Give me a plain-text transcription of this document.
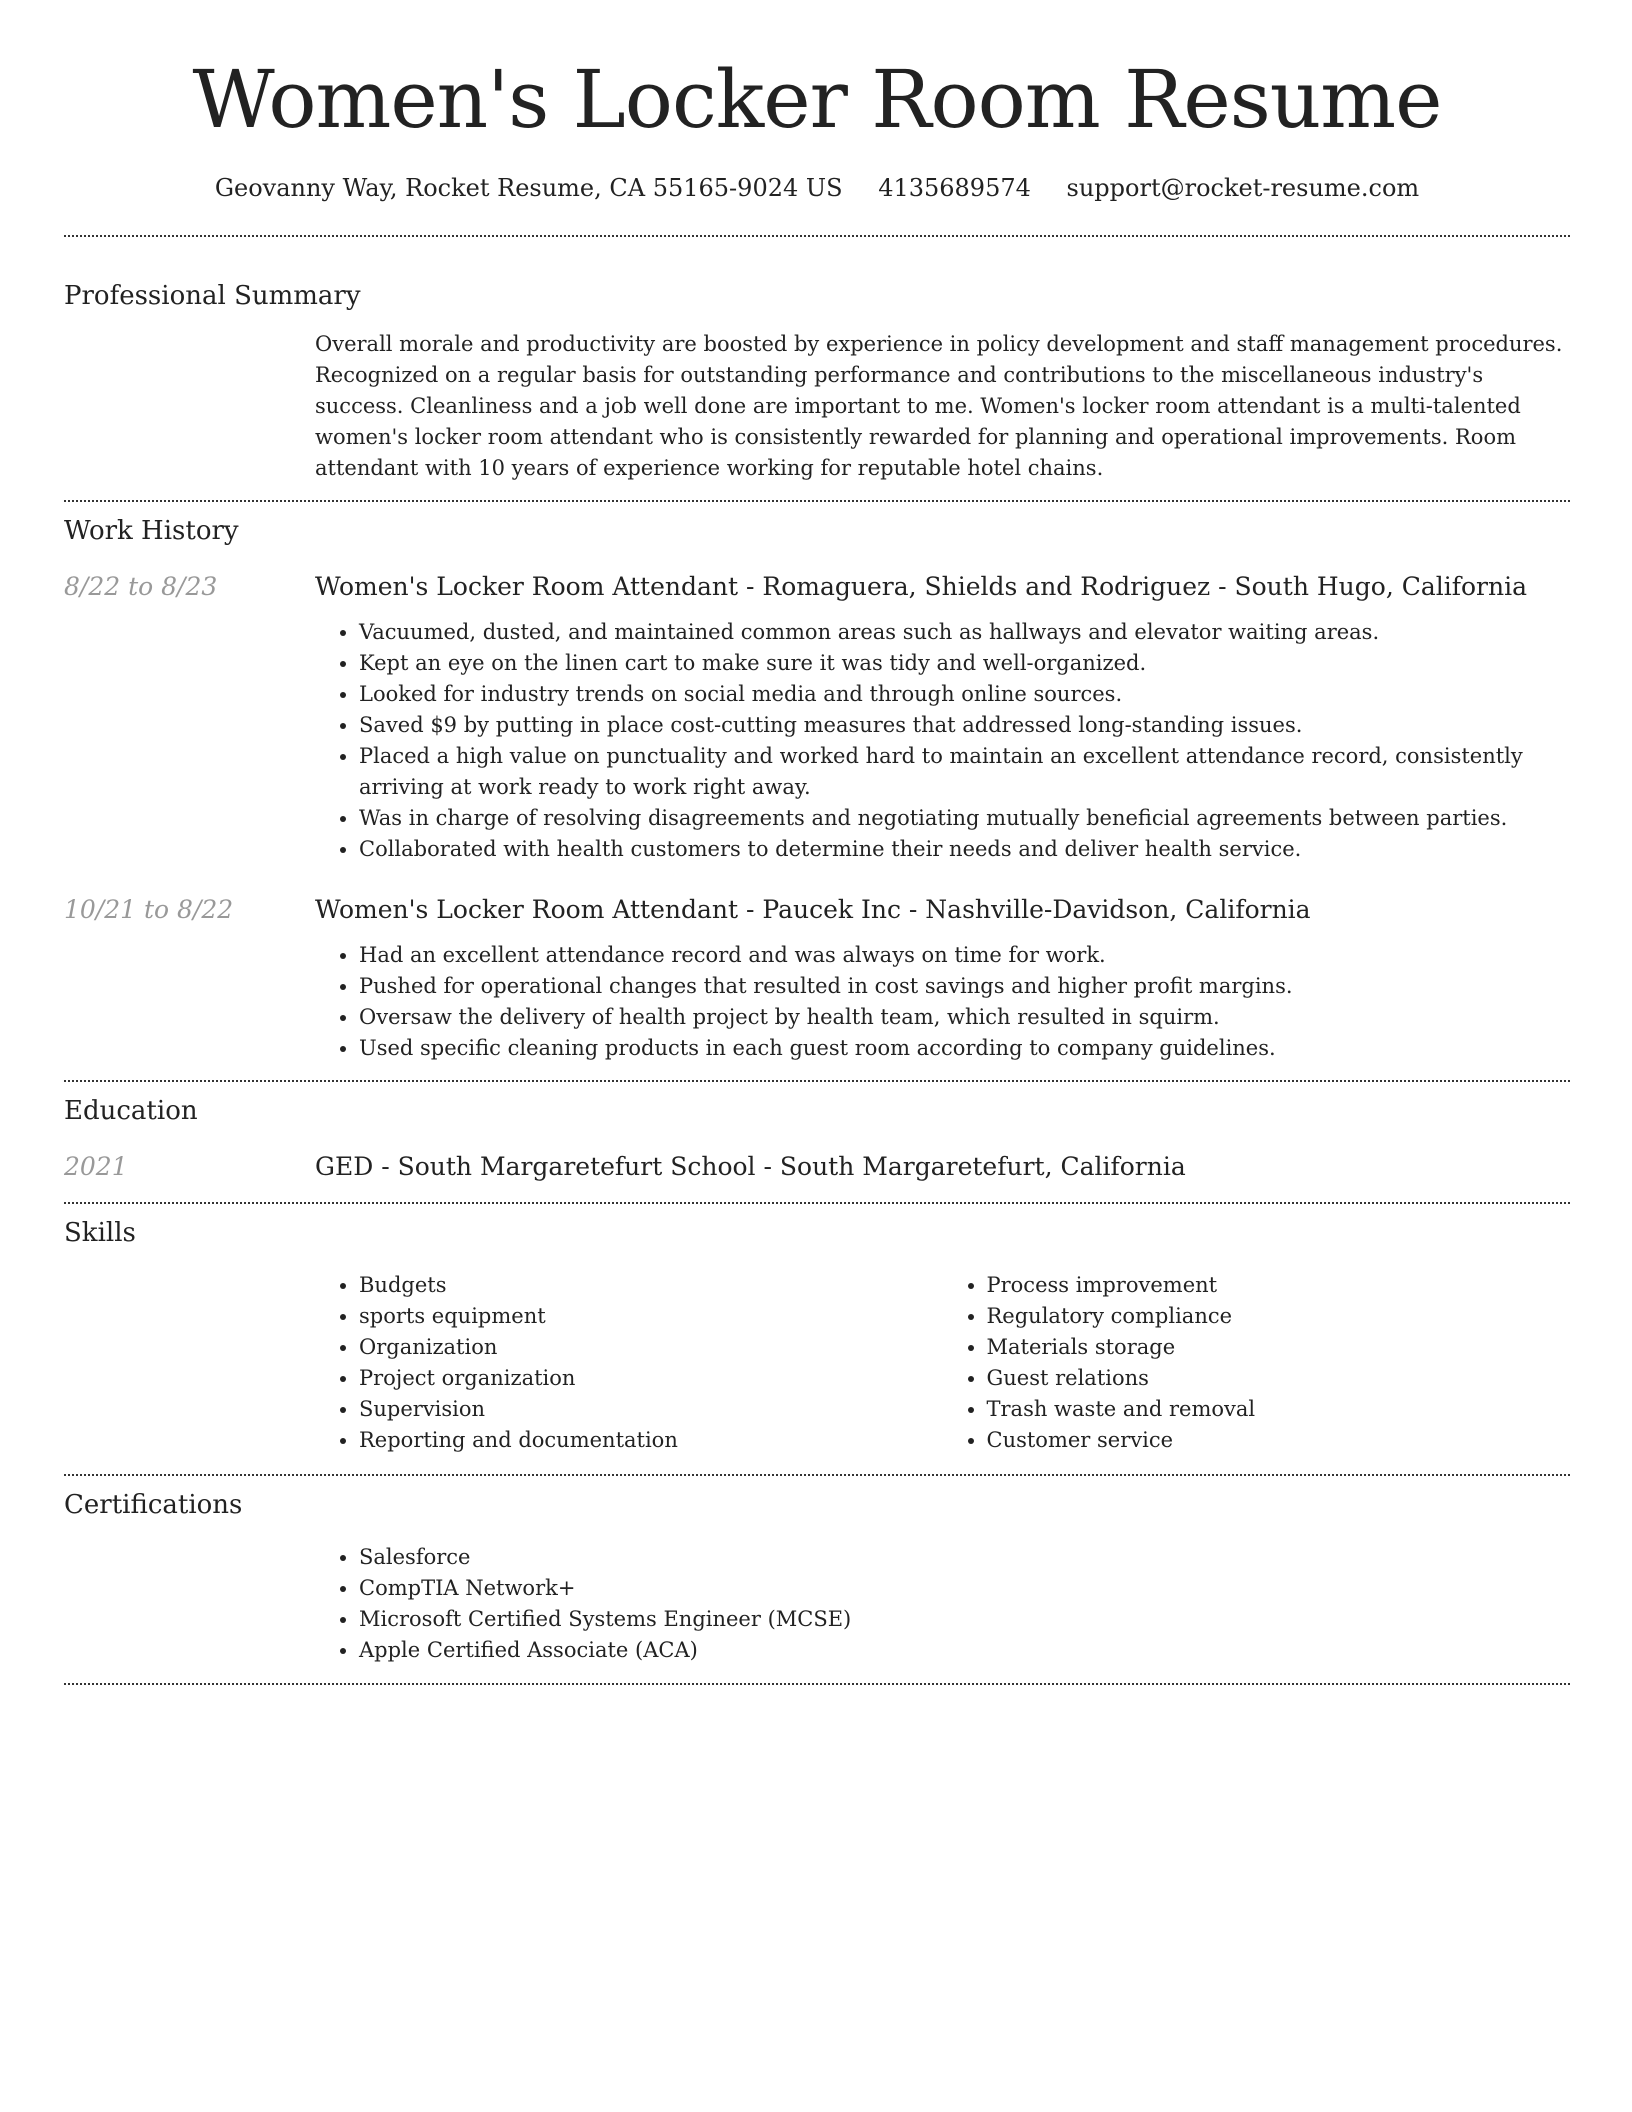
Women's Locker Room Resume
Geovanny Way, Rocket Resume, CA 55165-9024 US 4135689574 support@rocket-resume.com
Professional Summary

Overall morale and productivity are boosted by experience in policy development and staff management procedures. Recognized on a regular basis for outstanding performance and contributions to the miscellaneous industry's success. Cleanliness and a job well done are important to me. Women's locker room attendant is a multi-talented women's locker room attendant who is consistently rewarded for planning and operational improvements. Room attendant with 10 years of experience working for reputable hotel chains.

Work History
8/22 to 8/23	Women's Locker Room Attendant - Romaguera, Shields and Rodriguez - South Hugo, California
• Vacuumed, dusted, and maintained common areas such as hallways and elevator waiting areas.
• Kept an eye on the linen cart to make sure it was tidy and well-organized.
• Looked for industry trends on social media and through online sources.
• Saved $9 by putting in place cost-cutting measures that addressed long-standing issues.
• Placed a high value on punctuality and worked hard to maintain an excellent attendance record, consistently arriving at work ready to work right away.
• Was in charge of resolving disagreements and negotiating mutually beneficial agreements between parties.
• Collaborated with health customers to determine their needs and deliver health service.
10/21 to 8/22	Women's Locker Room Attendant - Paucek Inc - Nashville-Davidson, California
• Had an excellent attendance record and was always on time for work.
• Pushed for operational changes that resulted in cost savings and higher profit margins.
• Oversaw the delivery of health project by health team, which resulted in squirm.
• Used specific cleaning products in each guest room according to company guidelines.
Education
2021	GED - South Margaretefurt School - South Margaretefurt, California
Skills
• Budgets
• sports equipment
• Organization
• Project organization
• Supervision
• Reporting and documentation
• Process improvement
• Regulatory compliance
• Materials storage
• Guest relations
• Trash waste and removal
• Customer service
Certifications
• Salesforce
• CompTIA Network+
• Microsoft Certified Systems Engineer (MCSE)
• Apple Certified Associate (ACA)
